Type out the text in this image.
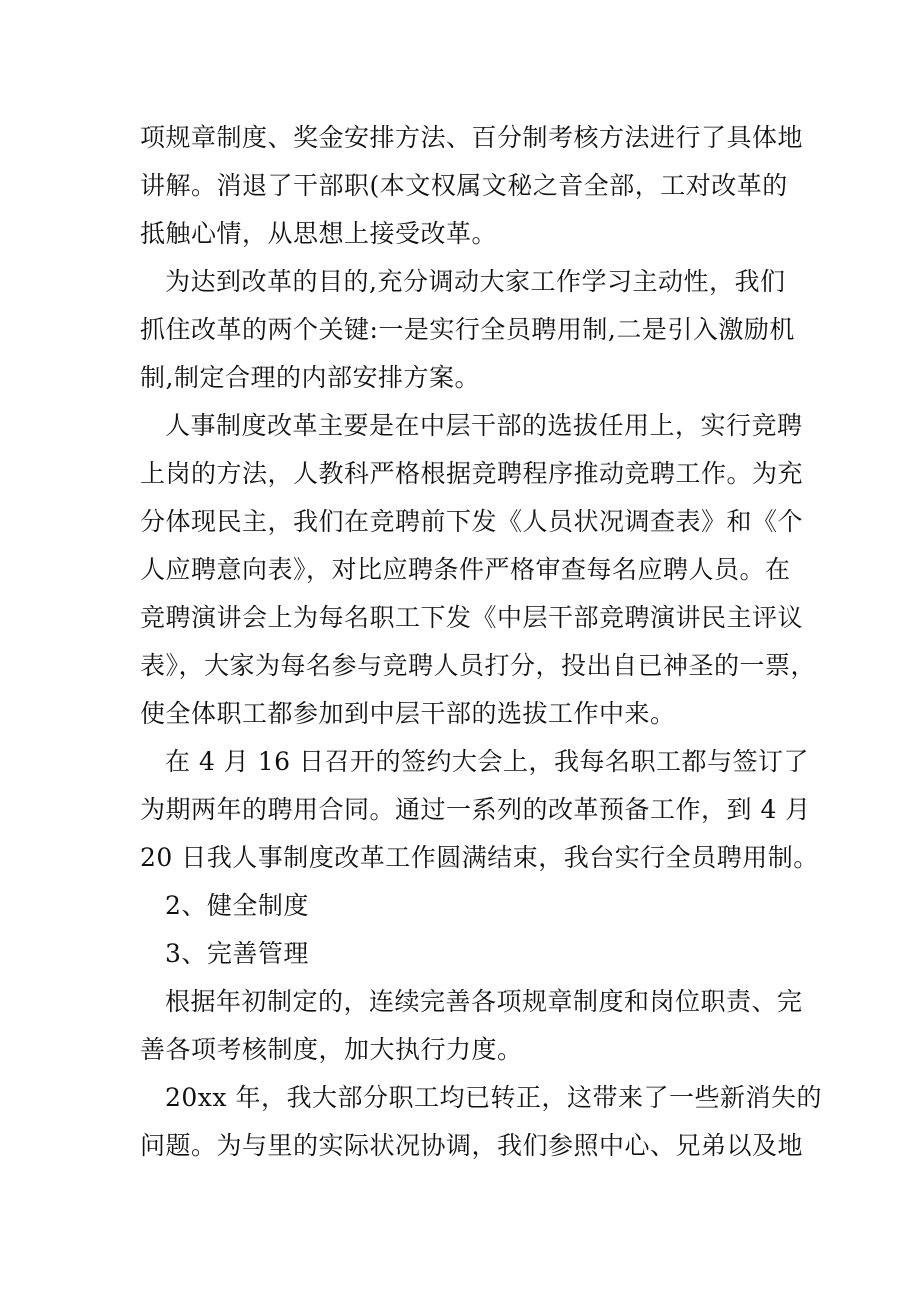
项规章制度、奖金安排方法、百分制考核方法进行了具体地
讲解。消退了干部职(本文权属文秘之音全部，工对改革的
抵触心情，从思想上接受改革。
为达到改革的目的,充分调动大家工作学习主动性，我们
抓住改革的两个关键:一是实行全员聘用制,二是引入激励机
制,制定合理的内部安排方案。
人事制度改革主要是在中层干部的选拔任用上，实行竞聘
上岗的方法，人教科严格根据竞聘程序推动竞聘工作。为充
分体现民主，我们在竞聘前下发《人员状况调查表》和《个
人应聘意向表》，对比应聘条件严格审查每名应聘人员。在
竞聘演讲会上为每名职工下发《中层干部竞聘演讲民主评议
表》，大家为每名参与竞聘人员打分，投出自已神圣的一票，
使全体职工都参加到中层干部的选拔工作中来。
在 4 月 16 日召开的签约大会上，我每名职工都与签订了
为期两年的聘用合同。通过一系列的改革预备工作，到 4 月
20 日我人事制度改革工作圆满结束，我台实行全员聘用制。
2、健全制度
3、完善管理
根据年初制定的，连续完善各项规章制度和岗位职责、完
善各项考核制度，加大执行力度。
20xx 年，我大部分职工均已转正，这带来了一些新消失的
问题。为与里的实际状况协调，我们参照中心、兄弟以及地
